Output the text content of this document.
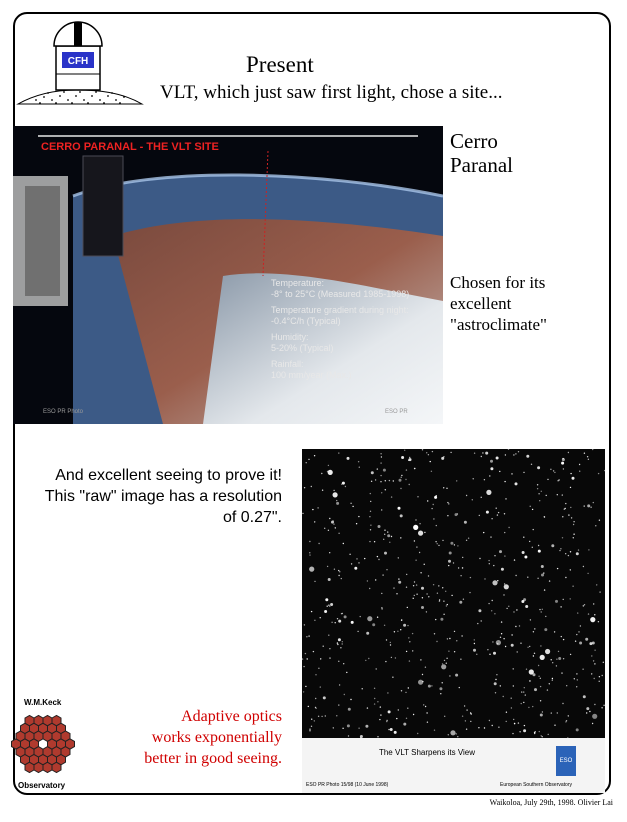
CFH	Present
VLT, which just saw first light, chose a site...
CERRO PARANAL - THE VLT SITE
Temperature:
-8° to 25°C (Measured 1985-1998)
Temperature gradient during night:
-0.4°C/h (Typical)
Humidity:
5-20% (Typical)
Rainfall:
100 mm/year (Max.)
ESO PR Photo	ESO PR
Cerro
Paranal
Chosen for its
excellent
"astroclimate"
And excellent seeing to prove it!
This "raw" image has a resolution
of 0.27".
The VLT Sharpens its View
ESO PR Photo 15/98 (10 June 1998)	European Southern Observatory
ESO
W.M.Keck
Observatory
Adaptive optics
works exponentially
better in good seeing.
Waikoloa, July 29th, 1998. Olivier Lai
